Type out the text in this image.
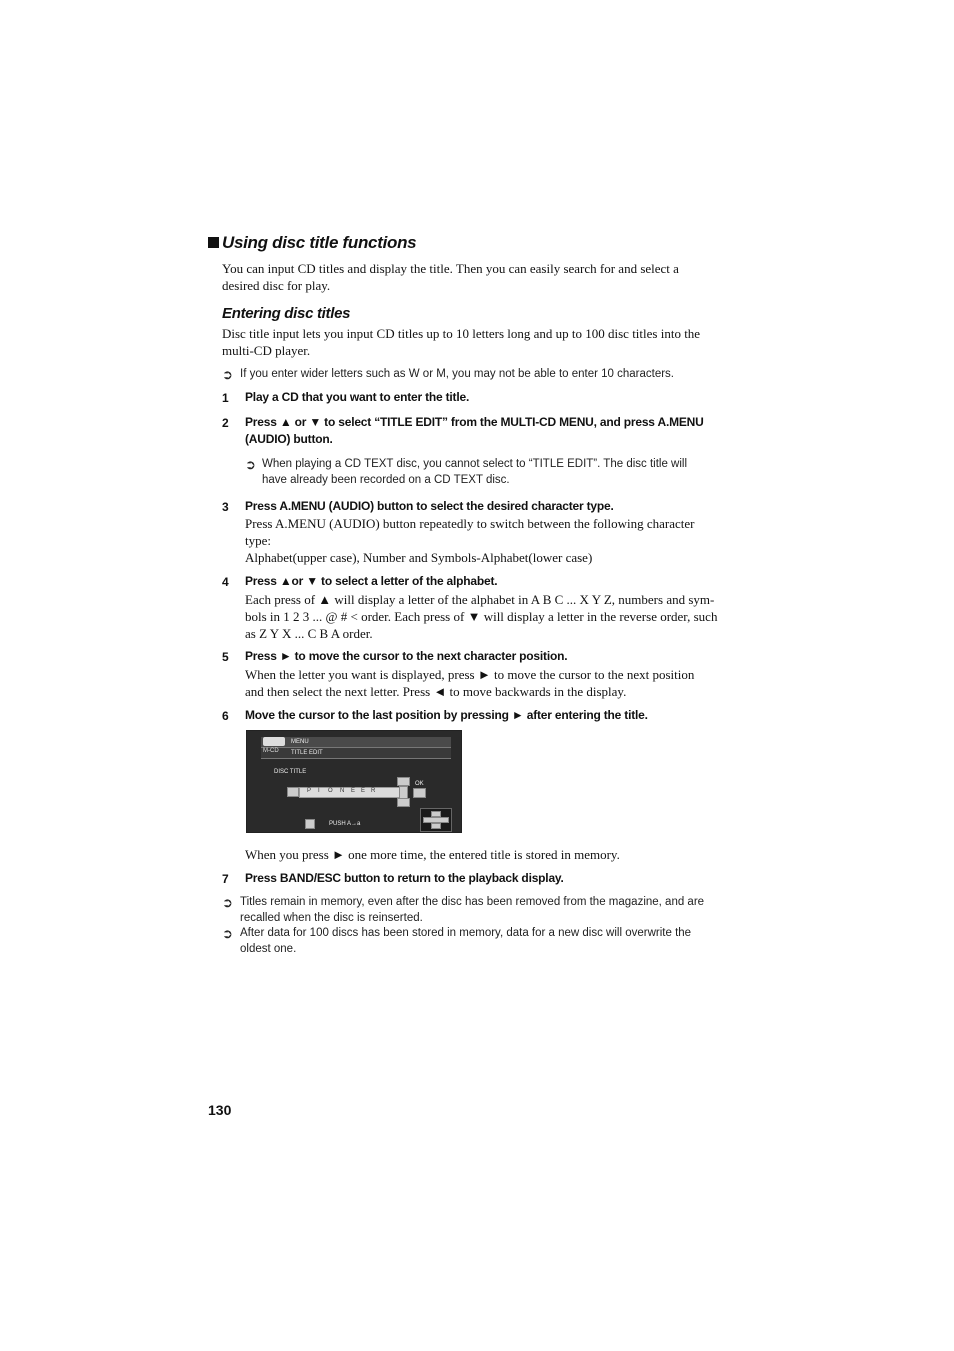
Using disc title functions
You can input CD titles and display the title. Then you can easily search for and select a
desired disc for play.
Entering disc titles
Disc title input lets you input CD titles up to 10 letters long and up to 100 disc titles into the
multi-CD player.
➲ If you enter wider letters such as W or M, you may not be able to enter 10 characters.
1 Play a CD that you want to enter the title.
2 Press ▲ or ▼ to select “TITLE EDIT” from the MULTI-CD MENU, and press A.MENU
(AUDIO) button.
➲ When playing a CD TEXT disc, you cannot select to “TITLE EDIT”. The disc title will
have already been recorded on a CD TEXT disc.
3 Press A.MENU (AUDIO) button to select the desired character type.
Press A.MENU (AUDIO) button repeatedly to switch between the following character
type:
Alphabet(upper case), Number and Symbols-Alphabet(lower case)
4 Press ▲or ▼ to select a letter of the alphabet.
Each press of ▲ will display a letter of the alphabet in A B C ... X Y Z, numbers and sym-
bols in 1 2 3 ... @ # < order. Each press of ▼ will display a letter in the reverse order, such
as Z Y X ... C B A order.
5 Press ► to move the cursor to the next character position.
When the letter you want is displayed, press ► to move the cursor to the next position
and then select the next letter. Press ◄ to move backwards in the display.
6 Move the cursor to the last position by pressing ► after entering the title.
M-CD
MENU
TITLE EDIT
DISC TITLE
P I O N E E R
OK
PUSH A→a
When you press ► one more time, the entered title is stored in memory.
7 Press BAND/ESC button to return to the playback display.
➲ Titles remain in memory, even after the disc has been removed from the magazine, and are
recalled when the disc is reinserted.
➲ After data for 100 discs has been stored in memory, data for a new disc will overwrite the
oldest one.
130
